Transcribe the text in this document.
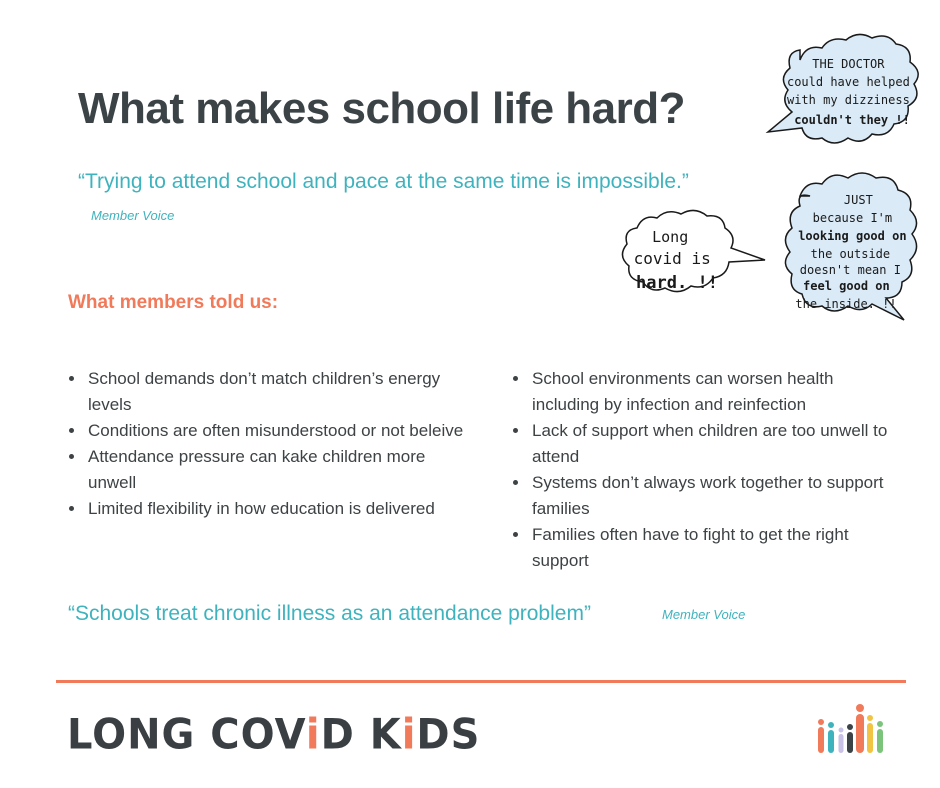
What makes school life hard?
“Trying to attend school and pace at the same time is impossible.”
Member Voice
What members told us:
• School demands don’t match children’s energy levels
• Conditions are often misunderstood or not beleive
• Attendance pressure can kake children more unwell
• Limited flexibility in how education is delivered
• School environments can worsen health including by infection and reinfection
• Lack of support when children are too unwell to attend
• Systems don’t always work together to support families
• Families often have to fight to get the right support
“Schools treat chronic illness as an attendance problem”	Member Voice
LONG COViD KiDS
THE DOCTOR could have helped with my dizziness couldn't they !!
Long covid is hard. !!
JUST because I'm looking good on the outside doesn't mean I feel good on the inside. !!
